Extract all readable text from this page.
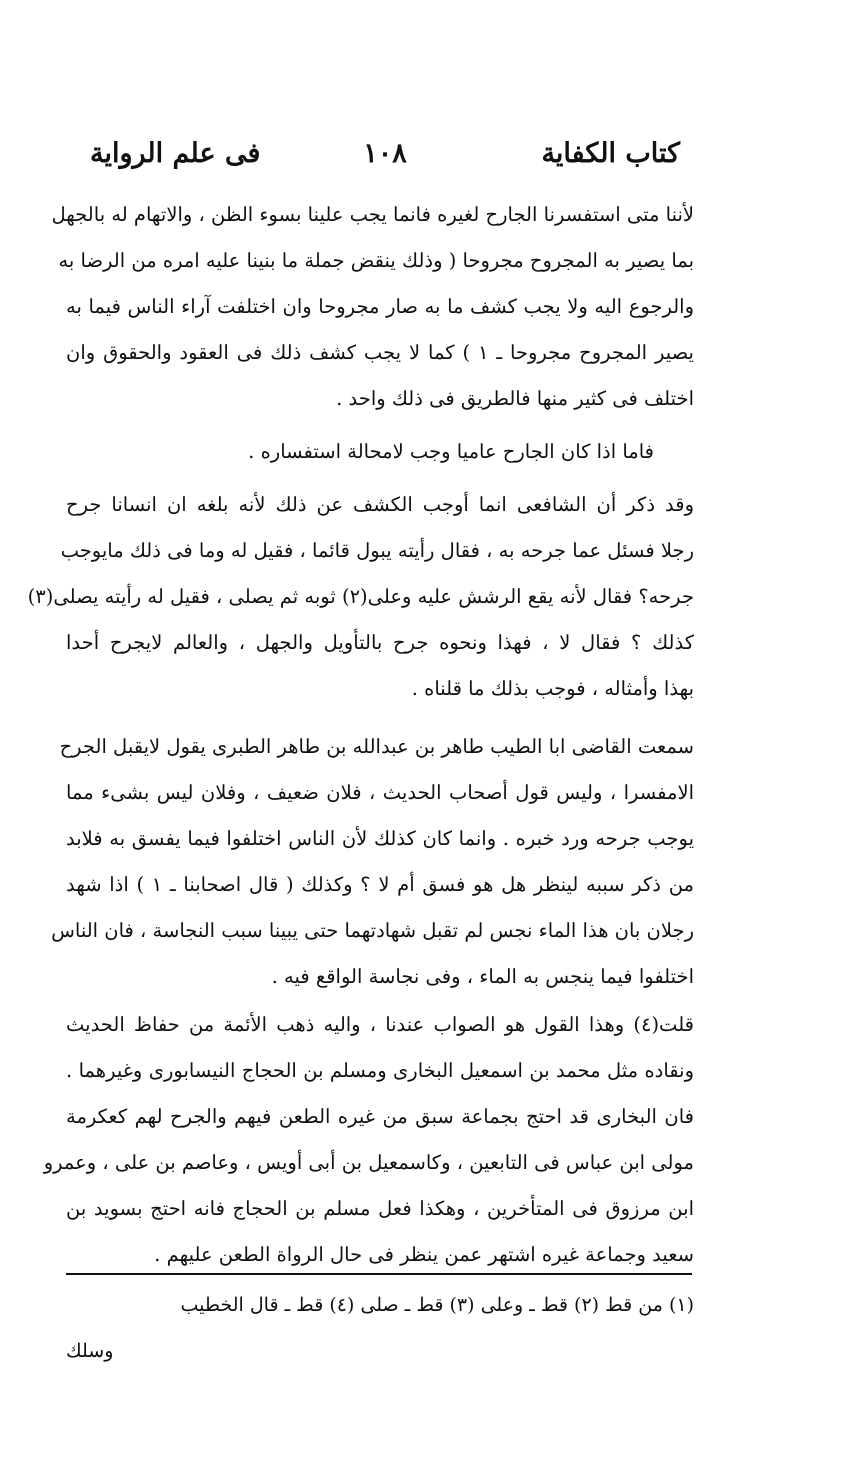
كتاب الكفاية
١٠٨
فى علم الرواية
لأننا متى استفسرنا الجارح لغيره فانما يجب علينا بسوء الظن ، والاتهام له بالجهل
بما يصير به المجروح مجروحا ( وذلك ينقض جملة ما بنينا عليه امره من الرضا به
والرجوع اليه ولا يجب كشف ما به صار مجروحا وان اختلفت آراء الناس فيما به
يصير المجروح مجروحا ـ ١ ) كما لا يجب كشف ذلك فى العقود والحقوق وان
اختلف فى كثير منها فالطريق فى ذلك واحد .
فاما اذا كان الجارح عاميا وجب لامحالة استفساره .
وقد ذكر أن الشافعى انما أوجب الكشف عن ذلك لأنه بلغه ان انسانا جرح
رجلا فسئل عما جرحه به ، فقال رأيته يبول قائما ، فقيل له وما فى ذلك مايوجب
جرحه؟ فقال لأنه يقع الرشش عليه وعلى(٢) ثوبه ثم يصلى ، فقيل له رأيته يصلى(٣)
كذلك ؟ فقال لا ، فهذا ونحوه جرح بالتأويل والجهل ، والعالم لايجرح أحدا
بهذا وأمثاله ، فوجب بذلك ما قلناه .
سمعت القاضى ابا الطيب طاهر بن عبدالله بن طاهر الطبرى يقول لايقبل الجرح
الامفسرا ، وليس قول أصحاب الحديث ، فلان ضعيف ، وفلان ليس بشىء مما
يوجب جرحه ورد خبره . وانما كان كذلك لأن الناس اختلفوا فيما يفسق به فلابد
من ذكر سببه لينظر هل هو فسق أم لا ؟ وكذلك ( قال اصحابنا ـ ١ ) اذا شهد
رجلان بان هذا الماء نجس لم تقبل شهادتهما حتى يبينا سبب النجاسة ، فان الناس
اختلفوا فيما ينجس به الماء ، وفى نجاسة الواقع فيه .
قلت(٤) وهذا القول هو الصواب عندنا ، واليه ذهب الأئمة من حفاظ الحديث
ونقاده مثل محمد بن اسمعيل البخارى ومسلم بن الحجاج النيسابورى وغيرهما .
فان البخارى قد احتج بجماعة سبق من غيره الطعن فيهم والجرح لهم كعكرمة
مولى ابن عباس فى التابعين ، وكاسمعيل بن أبى أويس ، وعاصم بن على ، وعمرو
ابن مرزوق فى المتأخرين ، وهكذا فعل مسلم بن الحجاج فانه احتج بسويد بن
سعيد وجماعة غيره اشتهر عمن ينظر فى حال الرواة الطعن عليهم .
(١) من قط (٢) قط ـ وعلى (٣) قط ـ صلى (٤) قط ـ قال الخطيب
وسلك
